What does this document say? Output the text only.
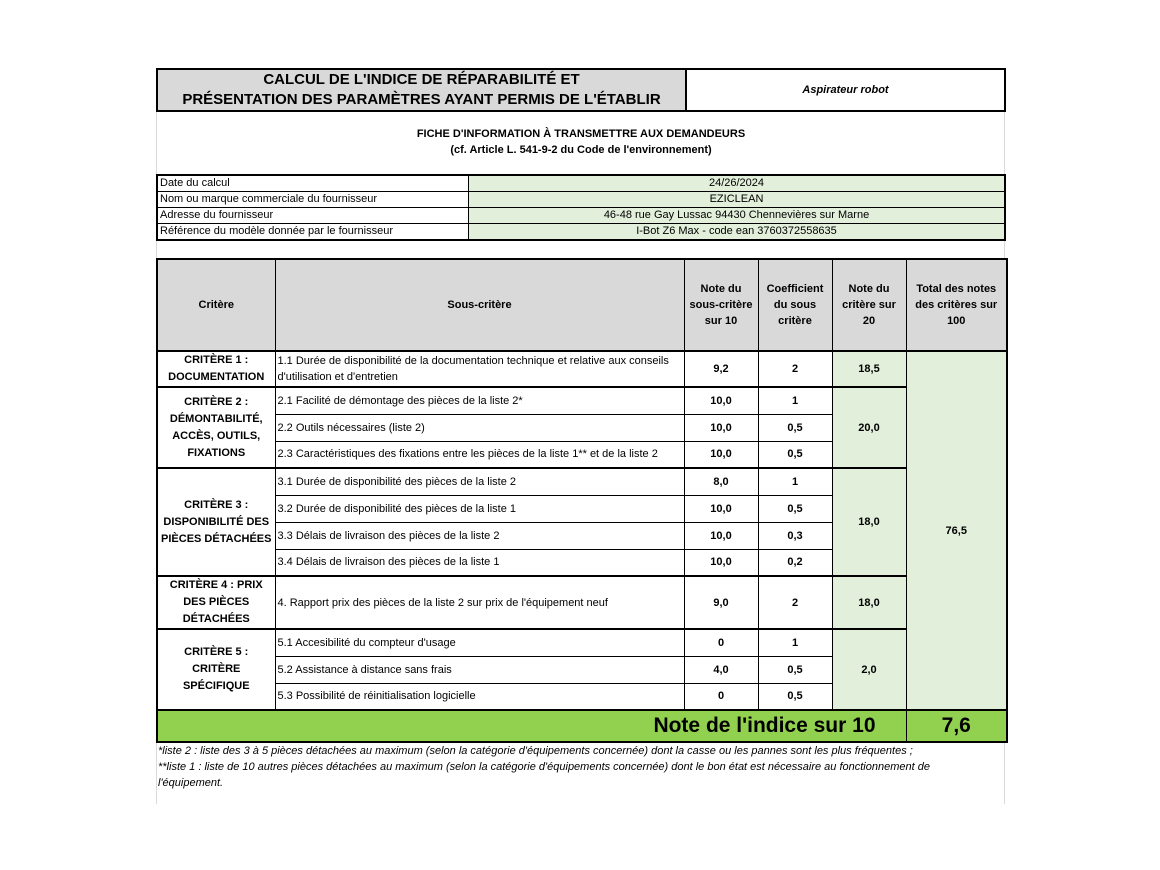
CALCUL DE L'INDICE DE RÉPARABILITÉ ET
PRÉSENTATION DES PARAMÈTRES AYANT PERMIS DE L'ÉTABLIR
Aspirateur robot
FICHE D'INFORMATION À TRANSMETTRE AUX DEMANDEURS
(cf. Article L. 541-9-2 du Code de l'environnement)
Date du calcul	24/26/2024
Nom ou marque commerciale du fournisseur	EZICLEAN
Adresse du fournisseur	46-48 rue Gay Lussac 94430 Chennevières sur Marne
Référence du modèle donnée par le fournisseur	I-Bot Z6 Max - code ean 3760372558635
Critère	Sous-critère	Note du sous-critère sur 10	Coefficient du sous critère	Note du critère sur 20	Total des notes des critères sur 100
CRITÈRE 1 : DOCUMENTATION	1.1 Durée de disponibilité de la documentation technique et relative aux conseils d'utilisation et d'entretien	9,2	2	18,5	76,5
CRITÈRE 2 : DÉMONTABILITÉ, ACCÈS, OUTILS, FIXATIONS	2.1 Facilité de démontage des pièces de la liste 2*	10,0	1	20,0	
	2.2 Outils nécessaires (liste 2)	10,0	0,5		
	2.3 Caractéristiques des fixations entre les pièces de la liste 1** et de la liste 2	10,0	0,5		
CRITÈRE 3 : DISPONIBILITÉ DES PIÈCES DÉTACHÉES	3.1 Durée de disponibilité des pièces de la liste 2	8,0	1	18,0	
	3.2 Durée de disponibilité des pièces de la liste 1	10,0	0,5		
	3.3 Délais de livraison des pièces de la liste 2	10,0	0,3		
	3.4 Délais de livraison des pièces de la liste 1	10,0	0,2		
CRITÈRE 4 : PRIX DES PIÈCES DÉTACHÉES	4. Rapport prix des pièces de la liste 2 sur prix de l'équipement neuf	9,0	2	18,0	
CRITÈRE 5 : CRITÈRE SPÉCIFIQUE	5.1 Accesibilité du compteur d'usage	0	1	2,0	
	5.2 Assistance à distance sans frais	4,0	0,5		
	5.3 Possibilité de réinitialisation logicielle	0	0,5		
Note de l'indice sur 10					7,6
*liste 2 : liste des 3 à 5 pièces détachées au maximum (selon la catégorie d'équipements concernée) dont la casse ou les pannes sont les plus fréquentes ;
**liste 1 : liste de 10 autres pièces détachées au maximum (selon la catégorie d'équipements concernée) dont le bon état est nécessaire au fonctionnement de l'équipement.
